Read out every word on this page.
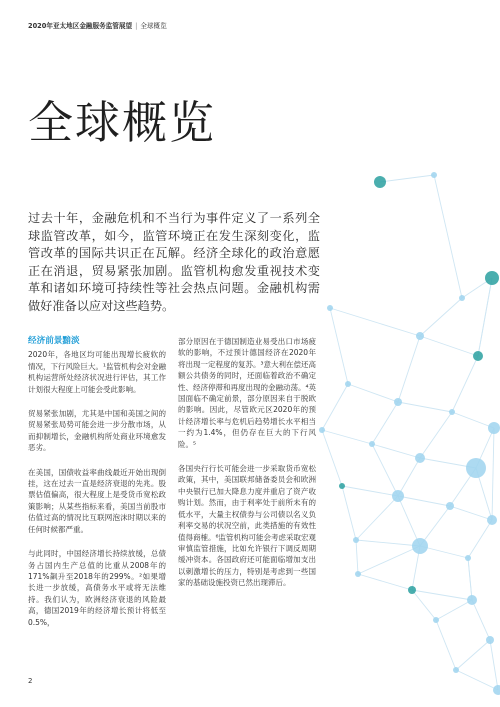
2020年亚太地区金融服务监管展望 | 全球概览
全球概览
过去十年，金融危机和不当行为事件定义了一系列全球监管改革，如今，监管环境正在发生深刻变化，监管改革的国际共识正在瓦解。经济全球化的政治意愿正在消退，贸易紧张加剧。监管机构愈发重视技术变革和诸如环境可持续性等社会热点问题。金融机构需做好准备以应对这些趋势。
经济前景黯淡

2020年，各地区均可能出现增长疲软的情况，下行风险巨大。¹监管机构会对金融机构运营所处经济状况进行评估，其工作计划很大程度上可能会受此影响。

贸易紧张加剧，尤其是中国和美国之间的贸易紧张局势可能会进一步分散市场，从而抑制增长，金融机构所处商业环境愈发恶劣。

在美国，国债收益率曲线最近开始出现倒挂，这在过去一直是经济衰退的先兆。股票估值偏高，很大程度上是受货币宽松政策影响；从某些指标来看，美国当前股市估值过高的情况比互联网泡沫时期以来的任何时候都严重。

与此同时，中国经济增长持续放缓，总债务占国内生产总值的比重从2008年的171%飙升至2018年的299%。²如果增长进一步放缓，高债务水平或将无法维持。我们认为，欧洲经济衰退的风险最高，德国2019年的经济增长预计将低至0.5%，

部分原因在于德国制造业易受出口市场疲软的影响，不过预计德国经济在2020年将出现一定程度的复苏。³意大利在偿还高额公共债务的同时，还面临着政治不确定性、经济停滞和再度出现的金融动荡。⁴英国面临不确定前景，部分原因来自于脱欧的影响。因此，尽管欧元区2020年的预计经济增长率与危机后趋势增长水平相当一约为1.4%，但仍存在巨大的下行风险。⁵

各国央行行长可能会进一步采取货币宽松政策，其中，美国联邦储备委员会和欧洲中央银行已加大降息力度并重启了资产收购计划。然而，由于利率处于前所未有的低水平，大量主权债券与公司债以名义负利率交易的状况空前，此类措施的有效性值得商榷。⁶监管机构可能会考虑采取宏观审慎监管措施，比如允许银行下调反周期缓冲资本。各国政府还可能面临增加支出以刺激增长的压力，特别是考虑到一些国家的基础设施投资已然出现滞后。

2
